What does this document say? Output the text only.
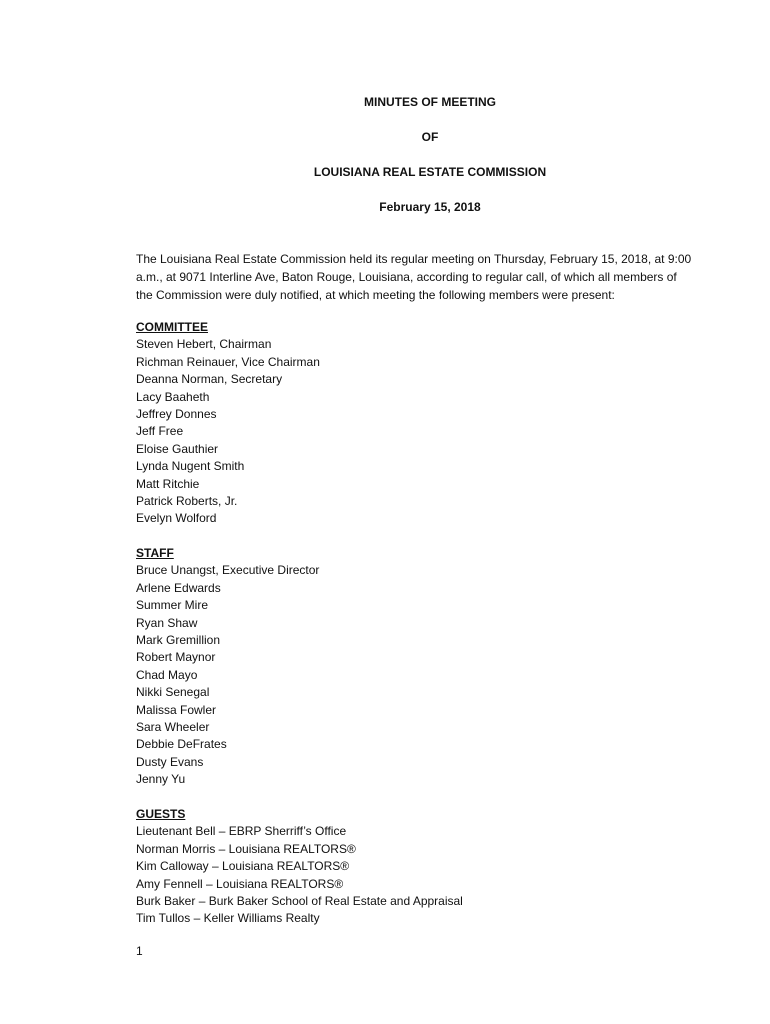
MINUTES OF MEETING
OF
LOUISIANA REAL ESTATE COMMISSION
February 15, 2018

The Louisiana Real Estate Commission held its regular meeting on Thursday, February 15, 2018, at 9:00

a.m., at 9071 Interline Ave, Baton Rouge, Louisiana, according to regular call, of which all members of

the Commission were duly notified, at which meeting the following members were present:

COMMITTEE
Steven Hebert, Chairman
Richman Reinauer, Vice Chairman
Deanna Norman, Secretary
Lacy Baaheth
Jeffrey Donnes
Jeff Free
Eloise Gauthier
Lynda Nugent Smith
Matt Ritchie
Patrick Roberts, Jr.
Evelyn Wolford
STAFF
Bruce Unangst, Executive Director
Arlene Edwards
Summer Mire
Ryan Shaw
Mark Gremillion
Robert Maynor
Chad Mayo
Nikki Senegal
Malissa Fowler
Sara Wheeler
Debbie DeFrates
Dusty Evans
Jenny Yu
GUESTS
Lieutenant Bell – EBRP Sherriff’s Office
Norman Morris – Louisiana REALTORS®
Kim Calloway – Louisiana REALTORS®
Amy Fennell – Louisiana REALTORS®
Burk Baker – Burk Baker School of Real Estate and Appraisal
Tim Tullos – Keller Williams Realty
1
